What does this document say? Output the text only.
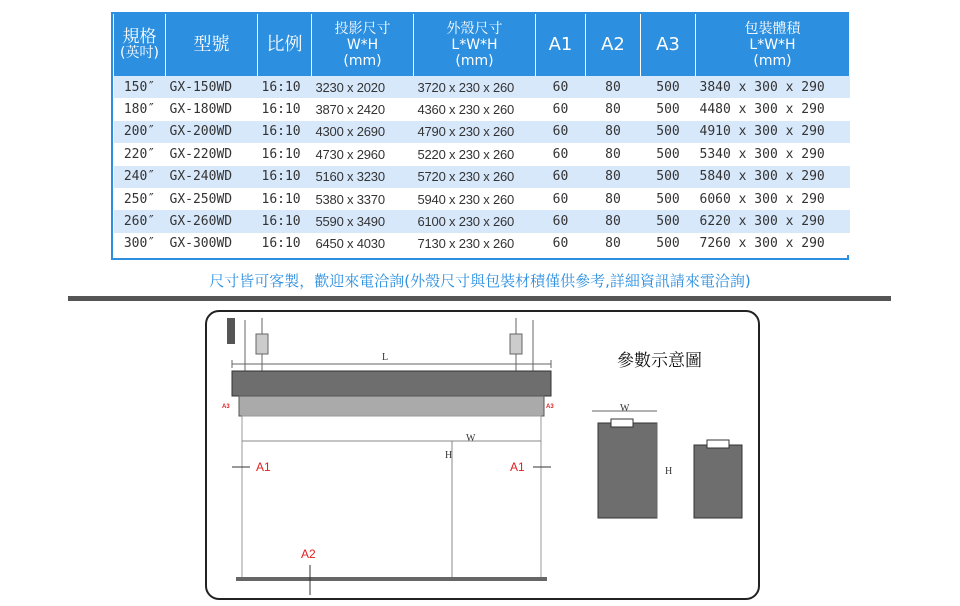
規格
(英吋)	型號	比例	投影尺寸
W*H
(mm)	外殼尺寸
L*W*H
(mm)	A1	A2	A3	包裝體積
L*W*H
(mm)

150″	GX-150WD	16:10	3230 x 2020	3720 x 230 x 260	60	80	500	3840 x 300 x 290
180″	GX-180WD	16:10	3870 x 2420	4360 x 230 x 260	60	80	500	4480 x 300 x 290
200″	GX-200WD	16:10	4300 x 2690	4790 x 230 x 260	60	80	500	4910 x 300 x 290
220″	GX-220WD	16:10	4730 x 2960	5220 x 230 x 260	60	80	500	5340 x 300 x 290
240″	GX-240WD	16:10	5160 x 3230	5720 x 230 x 260	60	80	500	5840 x 300 x 290
250″	GX-250WD	16:10	5380 x 3370	5940 x 230 x 260	60	80	500	6060 x 300 x 290
260″	GX-260WD	16:10	5590 x 3490	6100 x 230 x 260	60	80	500	6220 x 300 x 290
300″	GX-300WD	16:10	6450 x 4030	7130 x 230 x 260	60	80	500	7260 x 300 x 290
尺寸皆可客製，歡迎來電洽詢(外殼尺寸與包裝材積僅供參考,詳細資訊請來電洽詢)
參數示意圖
L
W
H
W
H
A1	A1
A2
A3	A3
